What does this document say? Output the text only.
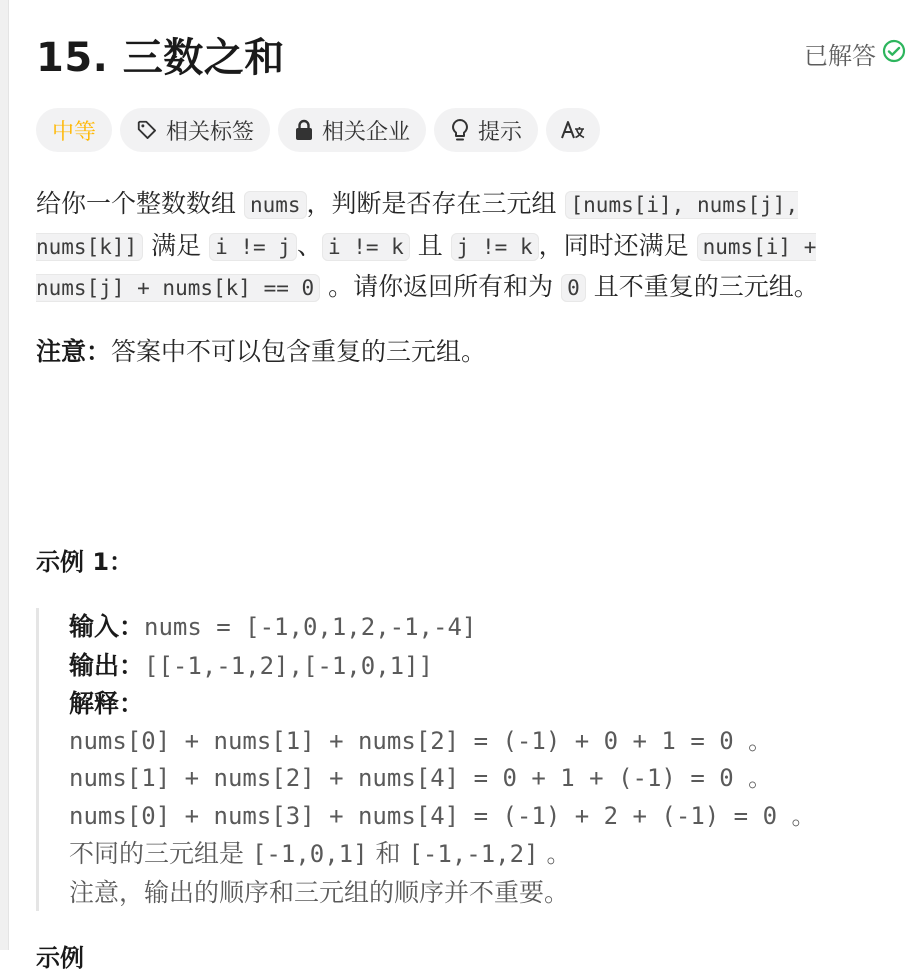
15. 三数之和	已解答
中等	相关标签	相关企业	提示
给你一个整数数组 nums ，判断是否存在三元组 [nums[i], nums[j], nums[k]] 满足 i != j 、 i != k 且 j != k ，同时还满足 nums[i] + nums[j] + nums[k] == 0 。请你返回所有和为 0 且不重复的三元组。
注意：答案中不可以包含重复的三元组。
示例 1：
输入：nums = [-1,0,1,2,-1,-4]
输出：[[-1,-1,2],[-1,0,1]]
解释：
nums[0] + nums[1] + nums[2] = (-1) + 0 + 1 = 0 。
nums[1] + nums[2] + nums[4] = 0 + 1 + (-1) = 0 。
nums[0] + nums[3] + nums[4] = (-1) + 2 + (-1) = 0 。
不同的三元组是 [-1,0,1] 和 [-1,-1,2] 。
注意，输出的顺序和三元组的顺序并不重要。
示例
